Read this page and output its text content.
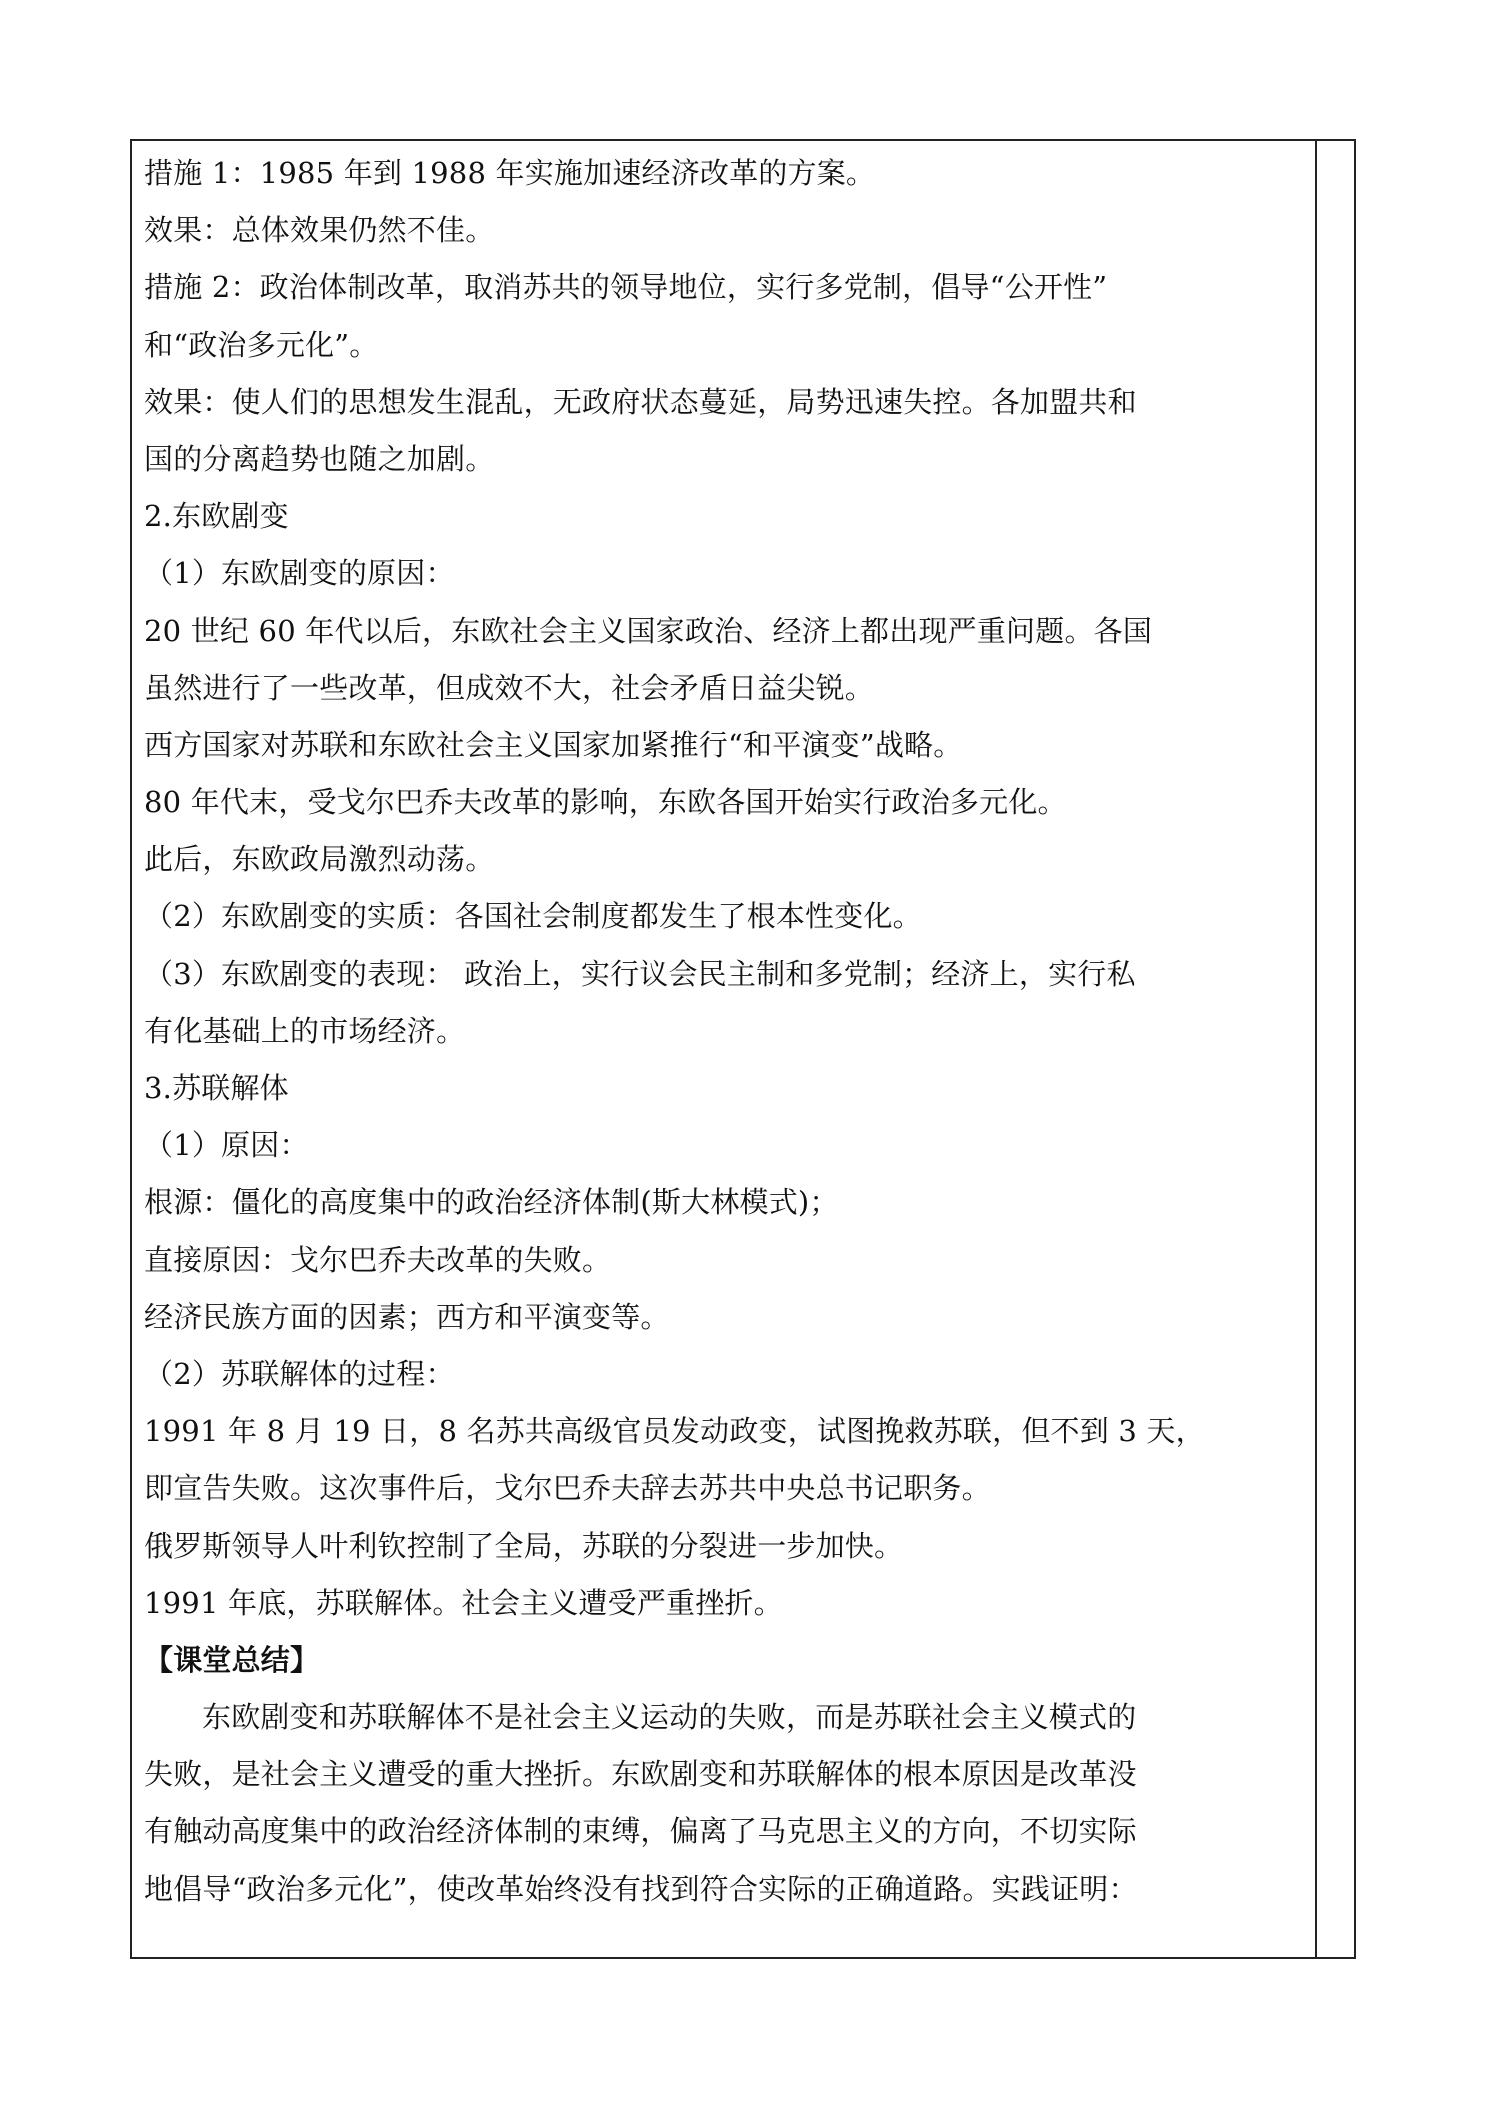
措施 1：1985 年到 1988 年实施加速经济改革的方案。
效果：总体效果仍然不佳。
措施 2：政治体制改革，取消苏共的领导地位，实行多党制，倡导“公开性”
和“政治多元化”。
效果：使人们的思想发生混乱，无政府状态蔓延，局势迅速失控。各加盟共和
国的分离趋势也随之加剧。
2.东欧剧变
（1）东欧剧变的原因：
20 世纪 60 年代以后，东欧社会主义国家政治、经济上都出现严重问题。各国
虽然进行了一些改革，但成效不大，社会矛盾日益尖锐。
西方国家对苏联和东欧社会主义国家加紧推行“和平演变”战略。
80 年代末，受戈尔巴乔夫改革的影响，东欧各国开始实行政治多元化。
此后，东欧政局激烈动荡。
（2）东欧剧变的实质：各国社会制度都发生了根本性变化。
（3）东欧剧变的表现： 政治上，实行议会民主制和多党制；经济上，实行私
有化基础上的市场经济。
3.苏联解体
（1）原因：
根源：僵化的高度集中的政治经济体制(斯大林模式)；
直接原因：戈尔巴乔夫改革的失败。
经济民族方面的因素；西方和平演变等。
（2）苏联解体的过程：
1991 年 8 月 19 日，8 名苏共高级官员发动政变，试图挽救苏联，但不到 3 天，
即宣告失败。这次事件后，戈尔巴乔夫辞去苏共中央总书记职务。
俄罗斯领导人叶利钦控制了全局，苏联的分裂进一步加快。
1991 年底，苏联解体。社会主义遭受严重挫折。
【课堂总结】
东欧剧变和苏联解体不是社会主义运动的失败，而是苏联社会主义模式的
失败，是社会主义遭受的重大挫折。东欧剧变和苏联解体的根本原因是改革没
有触动高度集中的政治经济体制的束缚，偏离了马克思主义的方向，不切实际
地倡导“政治多元化”，使改革始终没有找到符合实际的正确道路。实践证明：
